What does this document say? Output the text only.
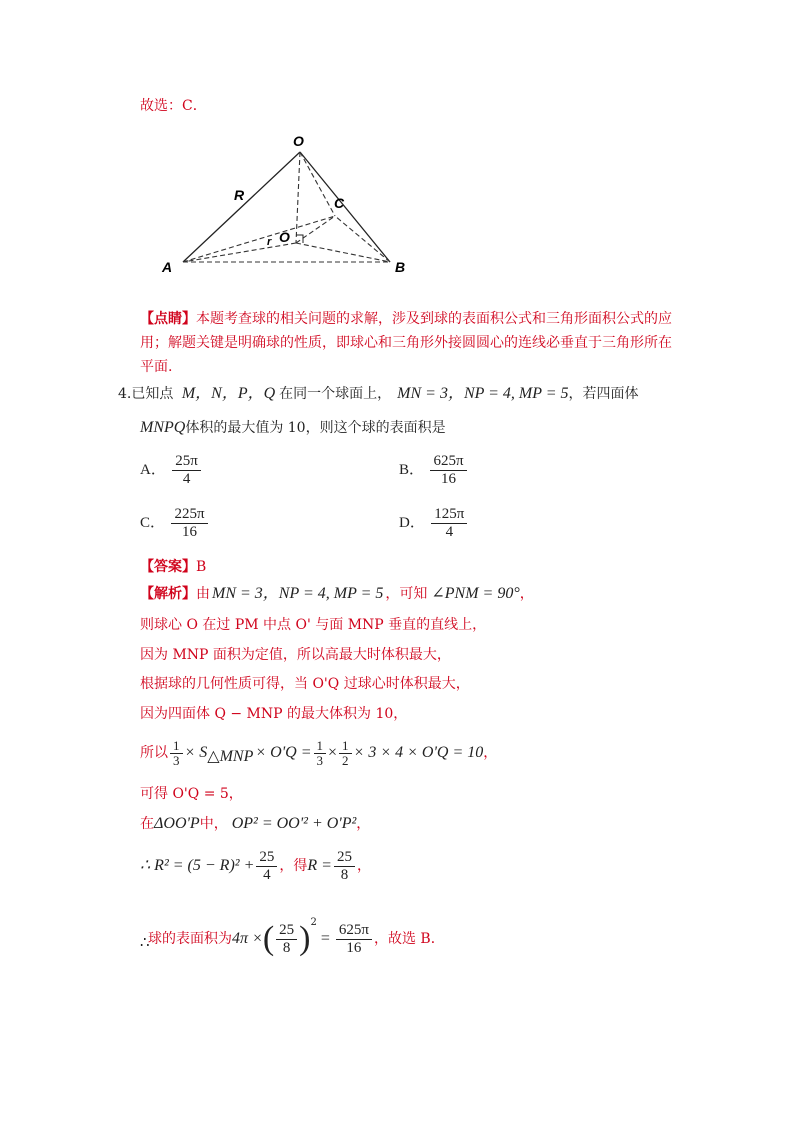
故选：C．
O
R	C
O
r
A	B
【点睛】本题考查球的相关问题的求解，涉及到球的表面积公式和三角形面积公式的应
用；解题关键是明确球的性质，即球心和三角形外接圆圆心的连线必垂直于三角形所在
平面.
4.已知点 M，N，P，Q 在同一个球面上， MN = 3，NP = 4, MP = 5，若四面体
MNPQ体积的最大值为 10，则这个球的表面积是
A． $\frac{25\pi}{4}$	B． $\frac{625\pi}{16}$
C． $\frac{225\pi}{16}$	D． $\frac{125\pi}{4}$
【答案】B
【解析】由 MN = 3，NP = 4, MP = 5 ，可知 ∠PNM = 90°，
则球心 O 在过 PM 中点 O' 与面 MNP 垂直的直线上，
因为 MNP 面积为定值，所以高最大时体积最大，
根据球的几何性质可得，当 O'Q 过球心时体积最大，
因为四面体 Q − MNP 的最大体积为 10，
所以 $\frac{1}{3} \times S_{\triangle MNP} \times O'Q = \frac{1}{3} \times \frac{1}{2} \times 3 \times 4 \times O'Q = 10$，
可得 O'Q = 5，
在ΔOO'P中， OP² = OO'² + O'P²，
∴ $R^2 = (5 - R)^2 + \frac{25}{4}$ ，得$R = \frac{25}{8}$ ，
球的表面积为4π ×( $\frac{25}{8} )^2= \frac{625\pi}{16}$ ，故选 B．
∴
